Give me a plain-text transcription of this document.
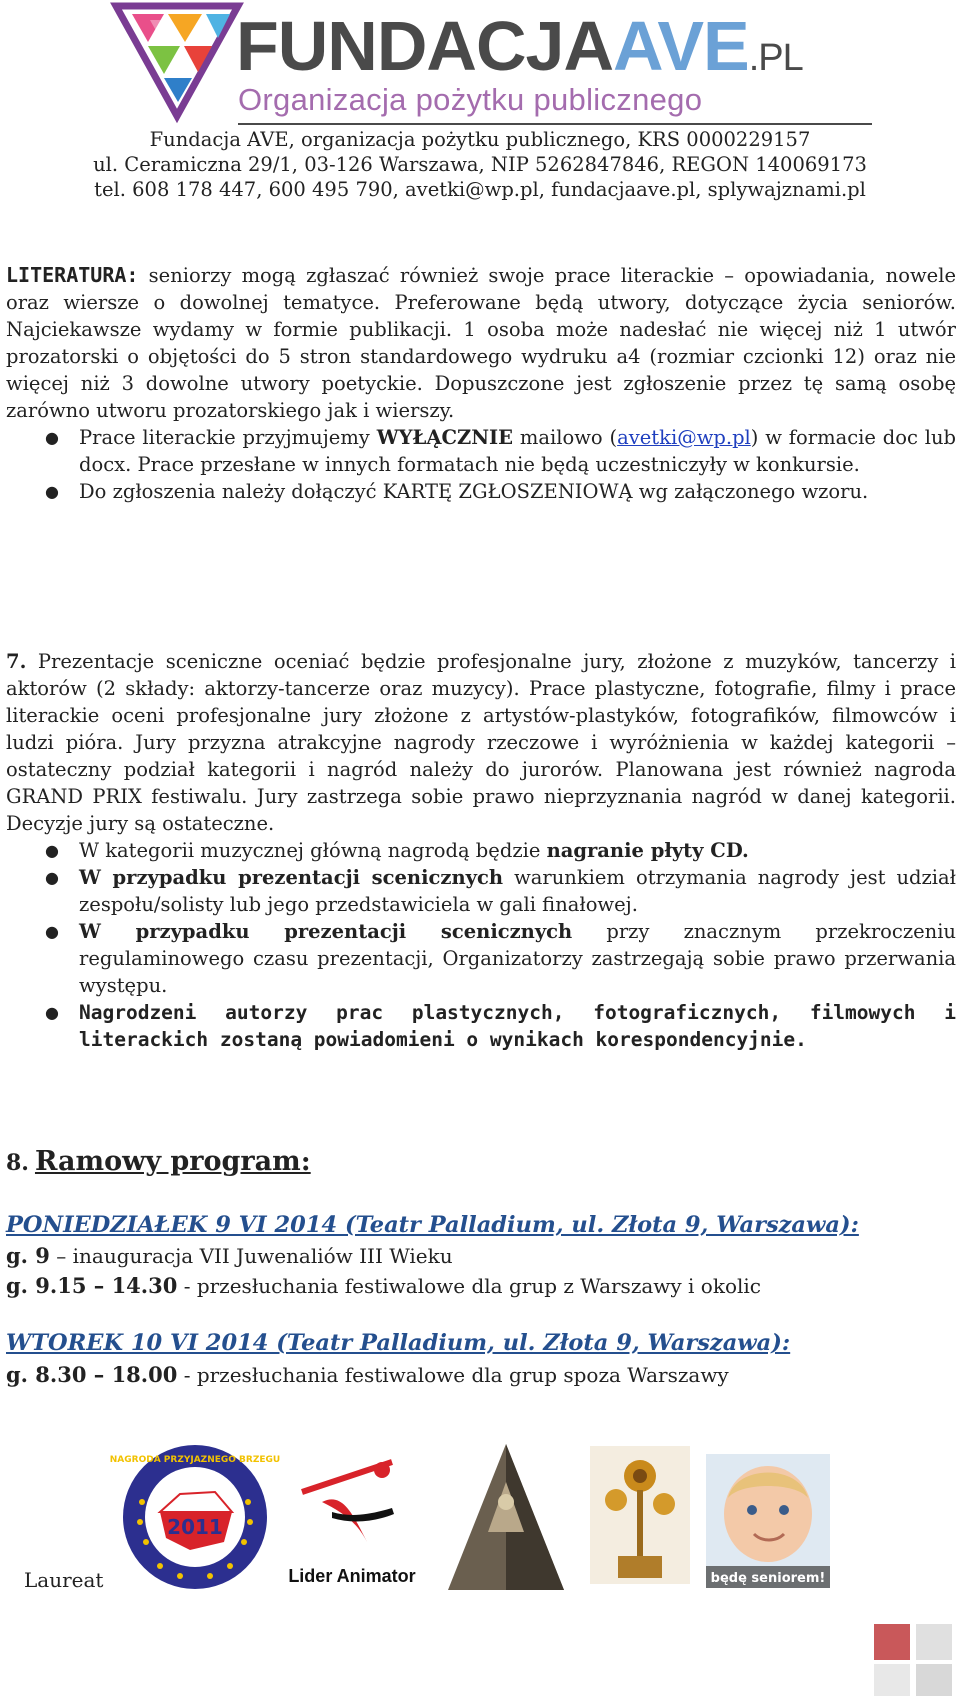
FUNDACJAAVE.PL
Organizacja pożytku publicznego
Fundacja AVE, organizacja pożytku publicznego, KRS 0000229157
ul. Ceramiczna 29/1, 03-126 Warszawa, NIP 5262847846, REGON 140069173
tel. 608 178 447, 600 495 790, avetki@wp.pl, fundacjaave.pl, splywajznami.pl

LITERATURA: seniorzy mogą zgłaszać również swoje prace literackie – opowiadania, nowele oraz wiersze o dowolnej tematyce. Preferowane będą utwory, dotyczące życia seniorów. Najciekawsze wydamy w formie publikacji. 1 osoba może nadesłać nie więcej niż 1 utwór prozatorski o objętości do 5 stron standardowego wydruku a4 (rozmiar czcionki 12) oraz nie więcej niż 3 dowolne utwory poetyckie. Dopuszczone jest zgłoszenie przez tę samą osobę zarówno utworu prozatorskiego jak i wierszy.

● Prace literackie przyjmujemy WYŁĄCZNIE mailowo (avetki@wp.pl) w formacie doc lub docx. Prace przesłane w innych formatach nie będą uczestniczyły w konkursie.
● Do zgłoszenia należy dołączyć KARTĘ ZGŁOSZENIOWĄ wg załączonego wzoru.

7. Prezentacje sceniczne oceniać będzie profesjonalne jury, złożone z muzyków, tancerzy i aktorów (2 składy: aktorzy-tancerze oraz muzycy). Prace plastyczne, fotografie, filmy i prace literackie oceni profesjonalne jury złożone z artystów-plastyków, fotografików, filmowców i ludzi pióra. Jury przyzna atrakcyjne nagrody rzeczowe i wyróżnienia w każdej kategorii – ostateczny podział kategorii i nagród należy do jurorów. Planowana jest również nagroda GRAND PRIX festiwalu. Jury zastrzega sobie prawo nieprzyznania nagród w danej kategorii. Decyzje jury są ostateczne.

● W kategorii muzycznej główną nagrodą będzie nagranie płyty CD.
● W przypadku prezentacji scenicznych warunkiem otrzymania nagrody jest udział zespołu/solisty lub jego przedstawiciela w gali finałowej.
● W przypadku prezentacji scenicznych przy znacznym przekroczeniu regulaminowego czasu prezentacji, Organizatorzy zastrzegają sobie prawo przerwania występu.
● Nagrodzeni autorzy prac plastycznych, fotograficznych, filmowych i literackich zostaną powiadomieni o wynikach korespondencyjnie.
8. Ramowy program:
PONIEDZIAŁEK 9 VI 2014 (Teatr Palladium, ul. Złota 9, Warszawa):
g. 9 – inauguracja VII Juwenaliów III Wieku
g. 9.15 – 14.30 - przesłuchania festiwalowe dla grup z Warszawy i okolic
WTOREK 10 VI 2014 (Teatr Palladium, ul. Złota 9, Warszawa):
g. 8.30 – 18.00 - przesłuchania festiwalowe dla grup spoza Warszawy
Laureat
NAGRODA PRZYJAZNEGO BRZEGU
2011
Lider Animator	będę seniorem!
